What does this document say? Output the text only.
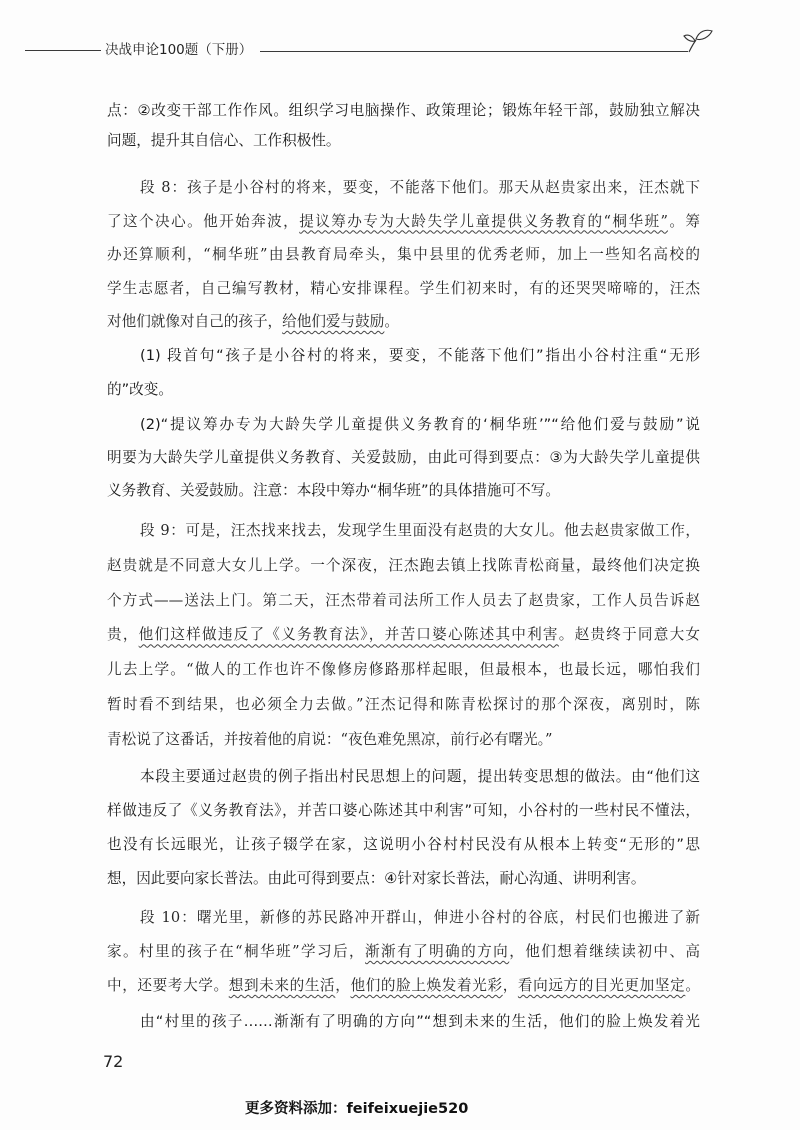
决战申论100题（下册）
点：②改变干部工作作风。组织学习电脑操作、政策理论；锻炼年轻干部，鼓励独立解决
问题，提升其自信心、工作积极性。
段 8：孩子是小谷村的将来，要变，不能落下他们。那天从赵贵家出来，汪杰就下
了这个决心。他开始奔波，提议筹办专为大龄失学儿童提供义务教育的“桐华班”。筹
办还算顺利，“桐华班”由县教育局牵头，集中县里的优秀老师，加上一些知名高校的
学生志愿者，自己编写教材，精心安排课程。学生们初来时，有的还哭哭啼啼的，汪杰
对他们就像对自己的孩子，给他们爱与鼓励。
(1) 段首句“孩子是小谷村的将来，要变，不能落下他们”指出小谷村注重“无形
的”改变。
(2)“提议筹办专为大龄失学儿童提供义务教育的‘桐华班’”“给他们爱与鼓励”说
明要为大龄失学儿童提供义务教育、关爱鼓励，由此可得到要点：③为大龄失学儿童提供
义务教育、关爱鼓励。注意：本段中筹办“桐华班”的具体措施可不写。
段 9：可是，汪杰找来找去，发现学生里面没有赵贵的大女儿。他去赵贵家做工作，
赵贵就是不同意大女儿上学。一个深夜，汪杰跑去镇上找陈青松商量，最终他们决定换
个方式——送法上门。第二天，汪杰带着司法所工作人员去了赵贵家，工作人员告诉赵
贵，他们这样做违反了《义务教育法》，并苦口婆心陈述其中利害。赵贵终于同意大女
儿去上学。“做人的工作也许不像修房修路那样起眼，但最根本，也最长远，哪怕我们
暂时看不到结果，也必须全力去做。”汪杰记得和陈青松探讨的那个深夜，离别时，陈
青松说了这番话，并按着他的肩说：“夜色难免黑凉，前行必有曙光。”
本段主要通过赵贵的例子指出村民思想上的问题，提出转变思想的做法。由“他们这
样做违反了《义务教育法》，并苦口婆心陈述其中利害”可知，小谷村的一些村民不懂法，
也没有长远眼光，让孩子辍学在家，这说明小谷村村民没有从根本上转变“无形的”思
想，因此要向家长普法。由此可得到要点：④针对家长普法，耐心沟通、讲明利害。
段 10：曙光里，新修的苏民路冲开群山，伸进小谷村的谷底，村民们也搬进了新
家。村里的孩子在“桐华班”学习后，渐渐有了明确的方向，他们想着继续读初中、高
中，还要考大学。想到未来的生活，他们的脸上焕发着光彩，看向远方的目光更加坚定。
由“村里的孩子……渐渐有了明确的方向”“想到未来的生活，他们的脸上焕发着光
72
更多资料添加：feifeixuejie520
